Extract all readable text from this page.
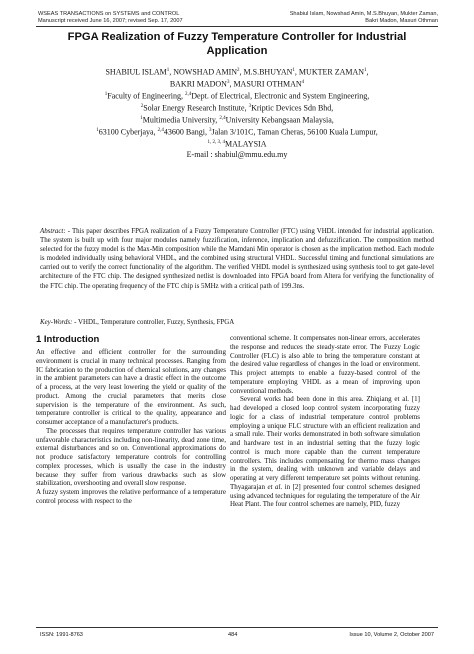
WSEAS TRANSACTIONS on SYSTEMS and CONTROL
Manuscript received June 16, 2007; revised Sep. 17, 2007
Shabiul Islam, Nowshad Amin, M.S.Bhuyan, Mukter Zaman,
Bakri Madon, Masuri Othman
FPGA Realization of Fuzzy Temperature Controller for Industrial Application
SHABIUL ISLAM$^1$, NOWSHAD AMIN$^2$, M.S.BHUYAN$^1$, MUKTER ZAMAN$^1$,
BAKRI MADON$^3$, MASURI OTHMAN$^4$
$^1$Faculty of Engineering, $^{2,4}$Dept. of Electrical, Electronic and System Engineering,
$^2$Solar Energy Research Institute, $^3$Kriptic Devices Sdn Bhd,
$^1$Multimedia University, $^{2,4}$University Kebangsaan Malaysia,
$^1$63100 Cyberjaya, $^{2,4}$43600 Bangi, $^3$Jalan 3/101C, Taman Cheras, 56100 Kuala Lumpur,
$^{1, 2, 3, 4}$MALAYSIA
E-mail : shabiul@mmu.edu.my
Abstract: - This paper describes FPGA realization of a Fuzzy Temperature Controller (FTC) using VHDL intended for industrial application. The system is built up with four major modules namely fuzzification, inference, implication and defuzzification. The composition method selected for the fuzzy model is the Max-Min composition while the Mamdani Min operator is chosen as the implication method. Each module is modeled individually using behavioral VHDL, and the combined using structural VHDL. Successful timing and functional simulations are carried out to verify the correct functionality of the algorithm. The verified VHDL model is synthesized using synthesis tool to get gate-level architecture of the FTC chip. The designed synthesized netlist is downloaded into FPGA board from Altera for verifying the functionality of the FTC chip. The operating frequency of the FTC chip is 5MHz with a critical path of 199.3ns.
Key-Words: - VHDL, Temperature controller, Fuzzy, Synthesis, FPGA
1 Introduction

An effective and efficient controller for the surrounding environment is crucial in many technical processes. Ranging from IC fabrication to the production of chemical solutions, any changes in the ambient parameters can have a drastic effect in the outcome of a process, at the very least lowering the yield or quality of the product. Among the crucial parameters that merits close supervision is the temperature of the environment. As such, temperature controller is critical to the quality, appearance and consumer acceptance of a manufacturer's products.

The processes that requires temperature controller has various unfavorable characteristics including non-linearity, dead zone time, external disturbances and so on. Conventional approximations do not produce satisfactory temperature controls for controlling complex processes, which is usually the case in the industry because they suffer from various drawbacks such as slow stabilization, overshooting and overall slow response.

A fuzzy system improves the relative performance of a temperature control process with respect to the

conventional scheme. It compensates non-linear errors, accelerates the response and reduces the steady-state error. The Fuzzy Logic Controller (FLC) is also able to bring the temperature constant at the desired value regardless of changes in the load or environment. This project attempts to enable a fuzzy-based control of the temperature employing VHDL as a mean of improving upon conventional methods.

Several works had been done in this area. Zhiqiang et al. [1] had developed a closed loop control system incorporating fuzzy logic for a class of industrial temperature control problems employing a unique FLC structure with an efficient realization and a small rule. Their works demonstrated in both software simulation and hardware test in an industrial setting that the fuzzy logic control is much more capable than the current temperature controllers. This includes compensating for thermo mass changes in the system, dealing with unknown and variable delays and operating at very different temperature set points without retuning. Thyagarajan et al. in [2] presented four control schemes designed using advanced techniques for regulating the temperature of the Air Heat Plant. The four control schemes are namely, PID, fuzzy

ISSN: 1991-8763	484	Issue 10, Volume 2, October 2007
